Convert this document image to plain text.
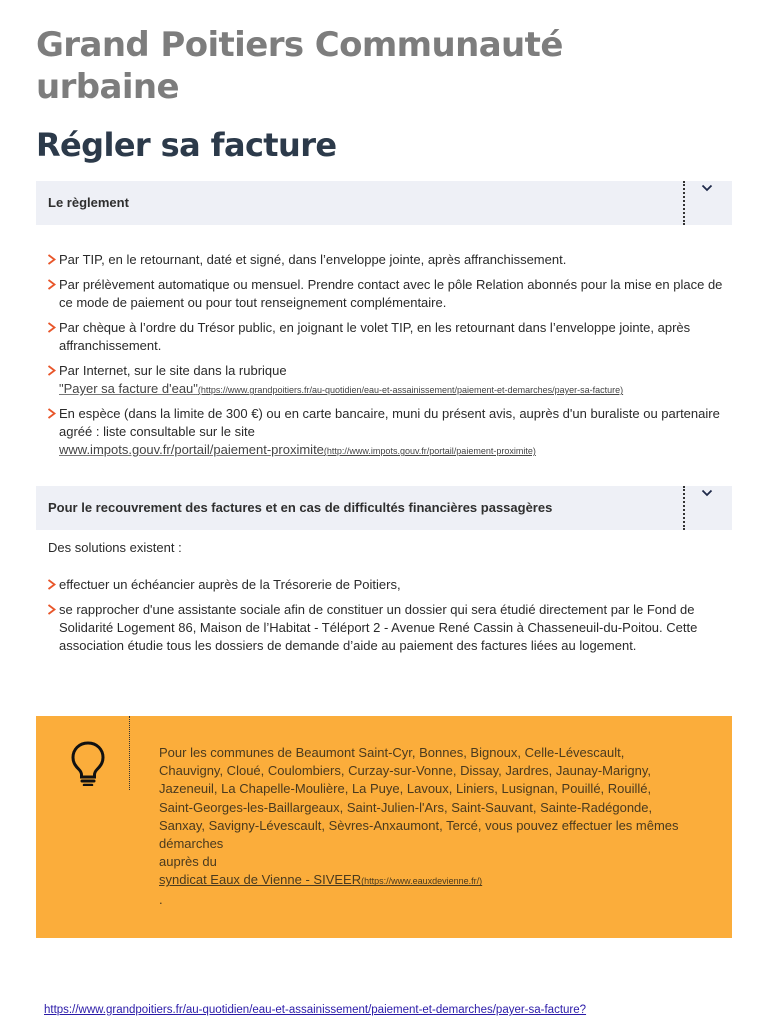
Grand Poitiers Communauté urbaine
Régler sa facture
Le règlement
Par TIP, en le retournant, daté et signé, dans l’enveloppe jointe, après affranchissement.
Par prélèvement automatique ou mensuel. Prendre contact avec le pôle Relation abonnés pour la mise en place de ce mode de paiement ou pour tout renseignement complémentaire.
Par chèque à l’ordre du Trésor public, en joignant le volet TIP, en les retournant dans l’enveloppe jointe, après affranchissement.
Par Internet, sur le site dans la rubrique
"Payer sa facture d'eau"(https://www.grandpoitiers.fr/au-quotidien/eau-et-assainissement/paiement-et-demarches/payer-sa-facture)
En espèce (dans la limite de 300 €) ou en carte bancaire, muni du présent avis, auprès d'un buraliste ou partenaire agréé : liste consultable sur le site
www.impots.gouv.fr/portail/paiement-proximite(http://www.impots.gouv.fr/portail/paiement-proximite)
Pour le recouvrement des factures et en cas de difficultés financières passagères
Des solutions existent :
effectuer un échéancier auprès de la Trésorerie de Poitiers,
se rapprocher d'une assistante sociale afin de constituer un dossier qui sera étudié directement par le Fond de Solidarité Logement 86, Maison de l’Habitat - Téléport 2 - Avenue René Cassin à Chasseneuil-du-Poitou. Cette association étudie tous les dossiers de demande d’aide au paiement des factures liées au logement.
Pour les communes de Beaumont Saint-Cyr, Bonnes, Bignoux, Celle-Lévescault, Chauvigny, Cloué, Coulombiers, Curzay-sur-Vonne, Dissay, Jardres, Jaunay-Marigny, Jazeneuil, La Chapelle-Moulière, La Puye, Lavoux, Liniers, Lusignan, Pouillé, Rouillé, Saint-Georges-les-Baillargeaux, Saint-Julien-l'Ars, Saint-Sauvant, Sainte-Radégonde, Sanxay, Savigny-Lévescault, Sèvres-Anxaumont, Tercé, vous pouvez effectuer les mêmes démarches
auprès du
syndicat Eaux de Vienne - SIVEER(https://www.eauxdevienne.fr/)
.
https://www.grandpoitiers.fr/au-quotidien/eau-et-assainissement/paiement-et-demarches/payer-sa-facture?
